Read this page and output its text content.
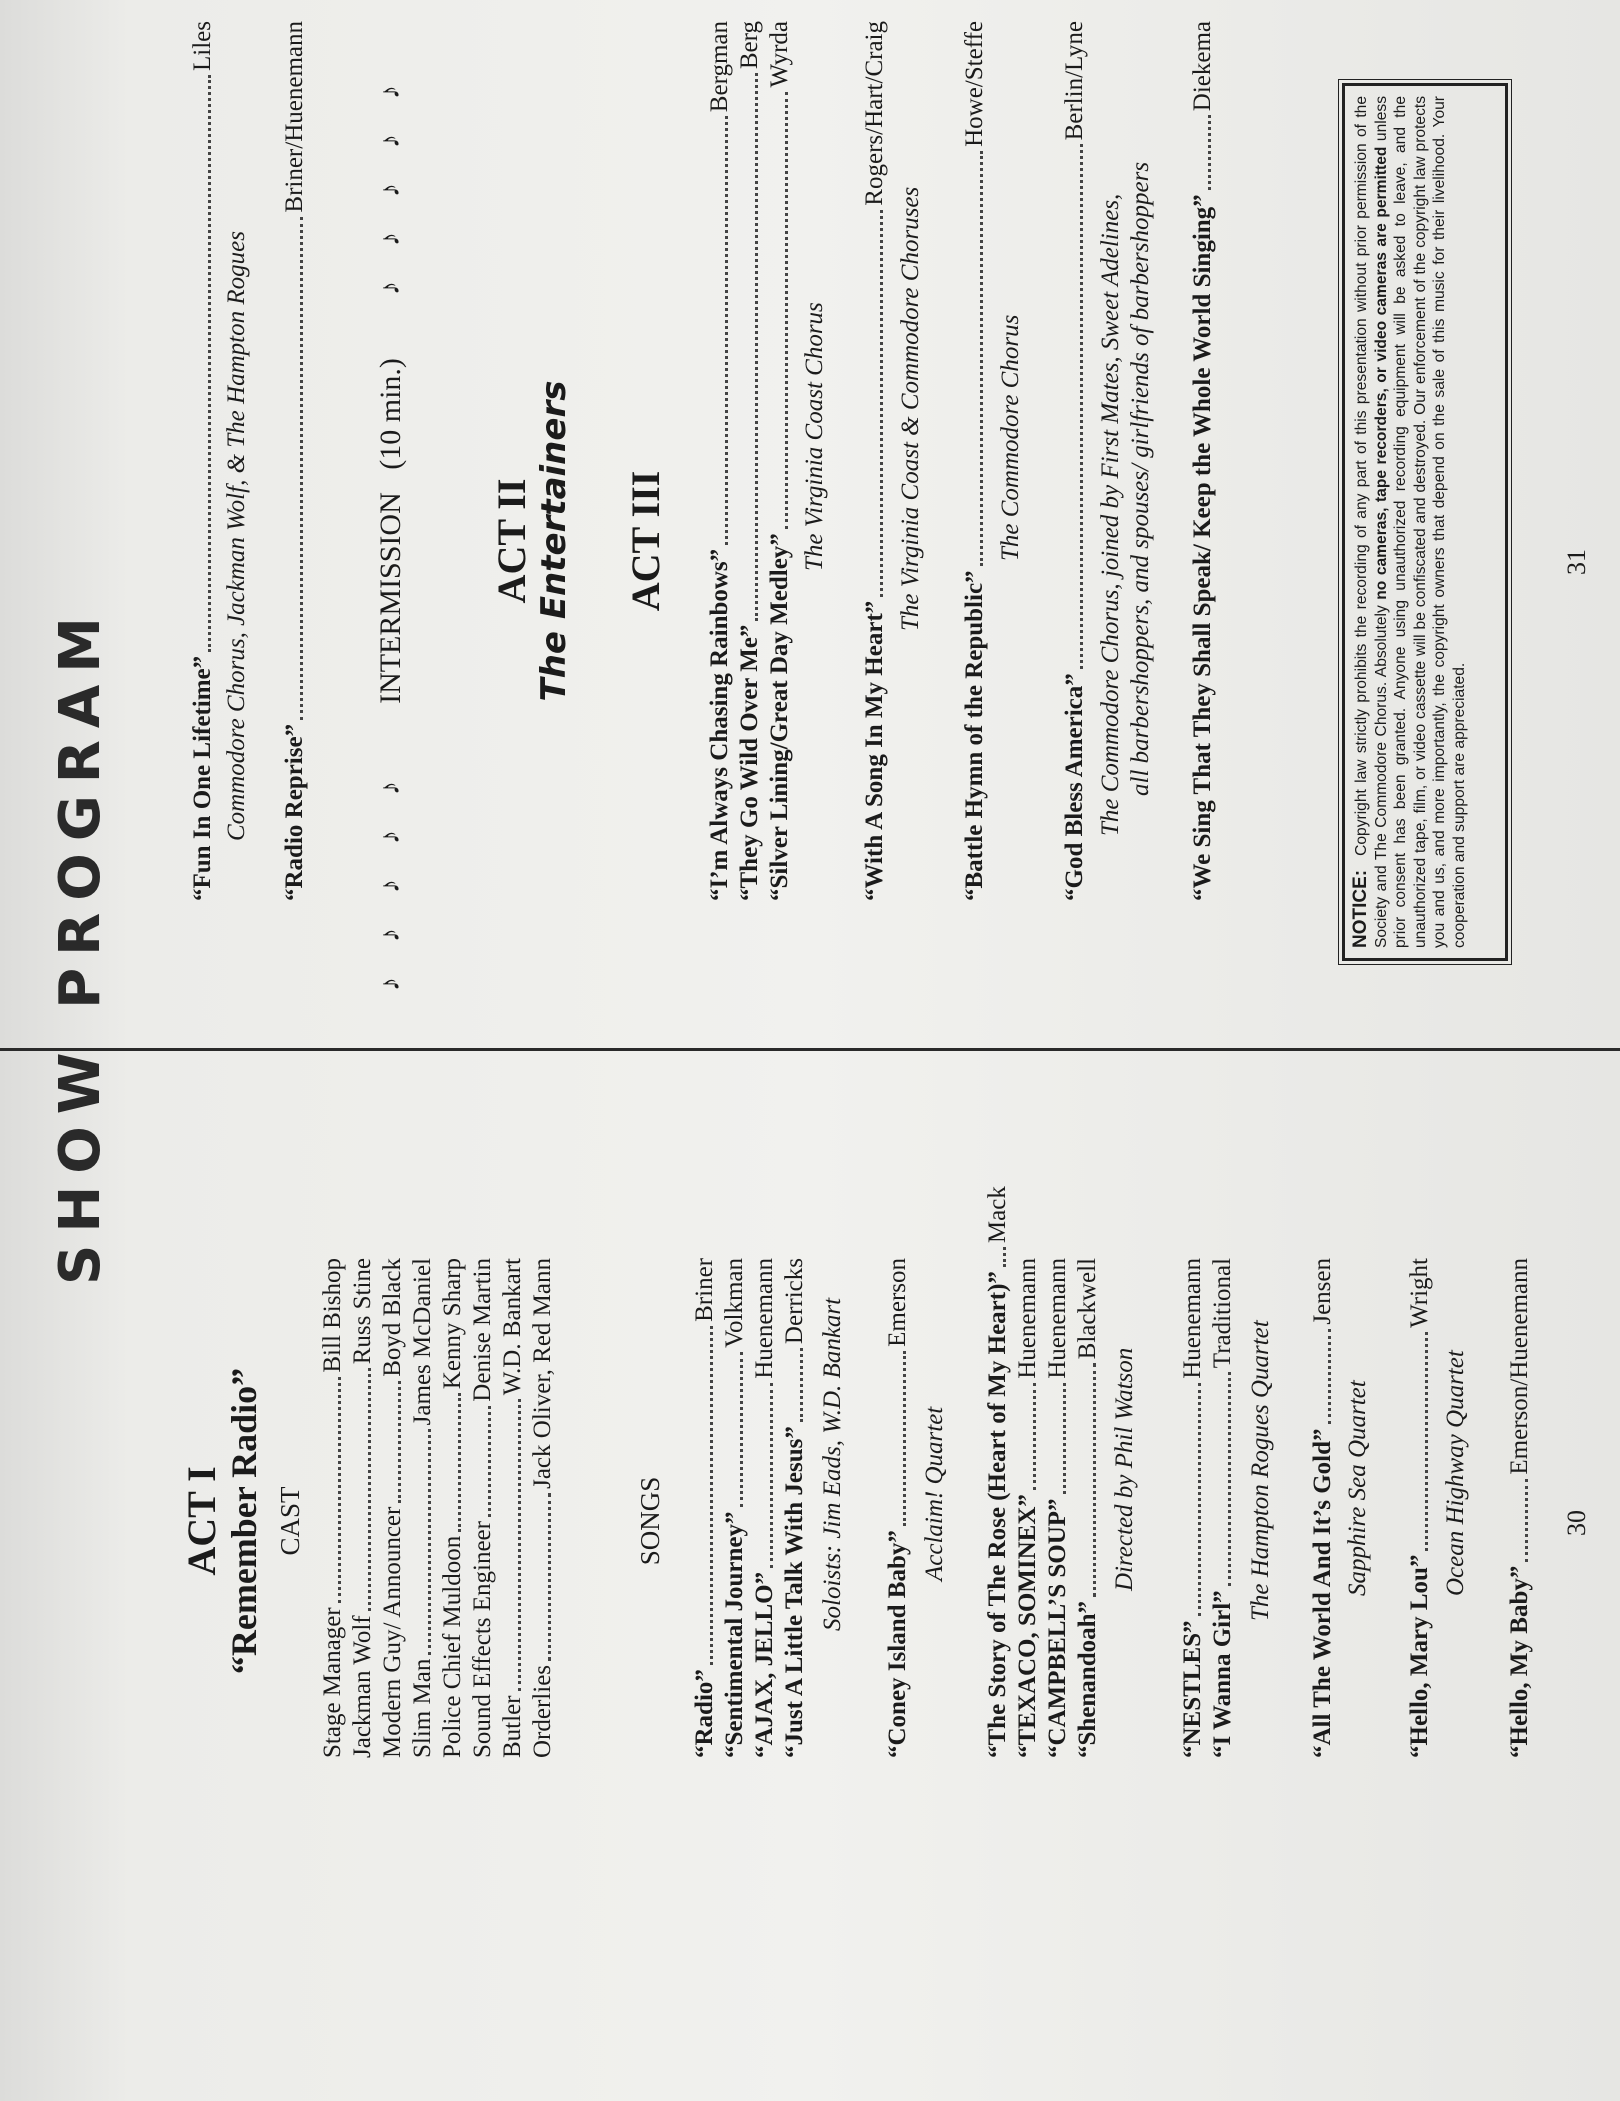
SHOW PROGRAM
ACT I “Remember Radio” CAST
Stage Manager
Bill Bishop
Jackman Wolf
Russ Stine
Modern Guy/ Announcer
Boyd Black
Slim Man
James McDaniel
Police Chief Muldoon
Kenny Sharp
Sound Effects Engineer
Denise Martin
Butler
W.D. Bankart
Orderlies
Jack Oliver, Red Mann
SONGS
“Radio”
Briner
“Sentimental Journey”
Volkman
“AJAX, JELLO”
Huenemann
“Just A Little Talk With Jesus”
Derricks Soloists: Jim Eads, W.D. Bankart
“Coney Island Baby”
Emerson
Acclaim! Quartet “The Story of The Rose (Heart of My Heart)”
Mack
“TEXACO, SOMINEX”
Huenemann
“CAMPBELL’S SOUP”
Huenemann
“Shenandoah”
Blackwell
Directed by Phil Watson
“NESTLES”
Huenemann
“I Wanna Girl”
Traditional
The Hampton Rogues Quartet “All The World And It’s Gold”
Jensen
Sapphire Sea Quartet
“Hello, Mary Lou”
Wright
Ocean Highway Quartet
“Hello, My Baby”
Emerson/Huenemann
30
“Fun In One Lifetime”
Liles
Commodore Chorus, Jackman Wolf, & The Hampton Rogues “Radio Reprise”
Briner/Huenemann
♪ ♪ ♪ ♪ ♪
INTERMISSION   (10 min.)
♪ ♪ ♪ ♪ ♪
ACT II The Entertainers ACT III
“I’m Always Chasing Rainbows”
Bergman
“They Go Wild Over Me”
Berg
“Silver Lining/Great Day Medley”
Wyrda
The Virginia Coast Chorus
“With A Song In My Heart”
Rogers/Hart/Craig
The Virginia Coast & Commodore Choruses
“Battle Hymn of the Republic”
Howe/Steffe
The Commodore Chorus
“God Bless America”
Berlin/Lyne
The Commodore Chorus, joined by First Mates, Sweet Adelines, all barbershoppers, and spouses/ girlfriends of barbershoppers “We Sing That They Shall Speak/ Keep the Whole World Singing”
Diekema
NOTICE:Copyright law strictly prohibits the recording of any part of this presentation without prior permission of the Society and The Commodore Chorus. Absolutely no cameras, tape recorders, or video cameras are permitted unless prior consent has been granted. Anyone using unauthorized recording equipment will be asked to leave, and the unauthorized tape, film, or video cassette will be confiscated and destroyed. Our enforcement of the copyright law protects you and us, and more importantly, the copyright owners that depend on the sale of this music for their livelihood. Your cooperation and support are appreciated.
31
